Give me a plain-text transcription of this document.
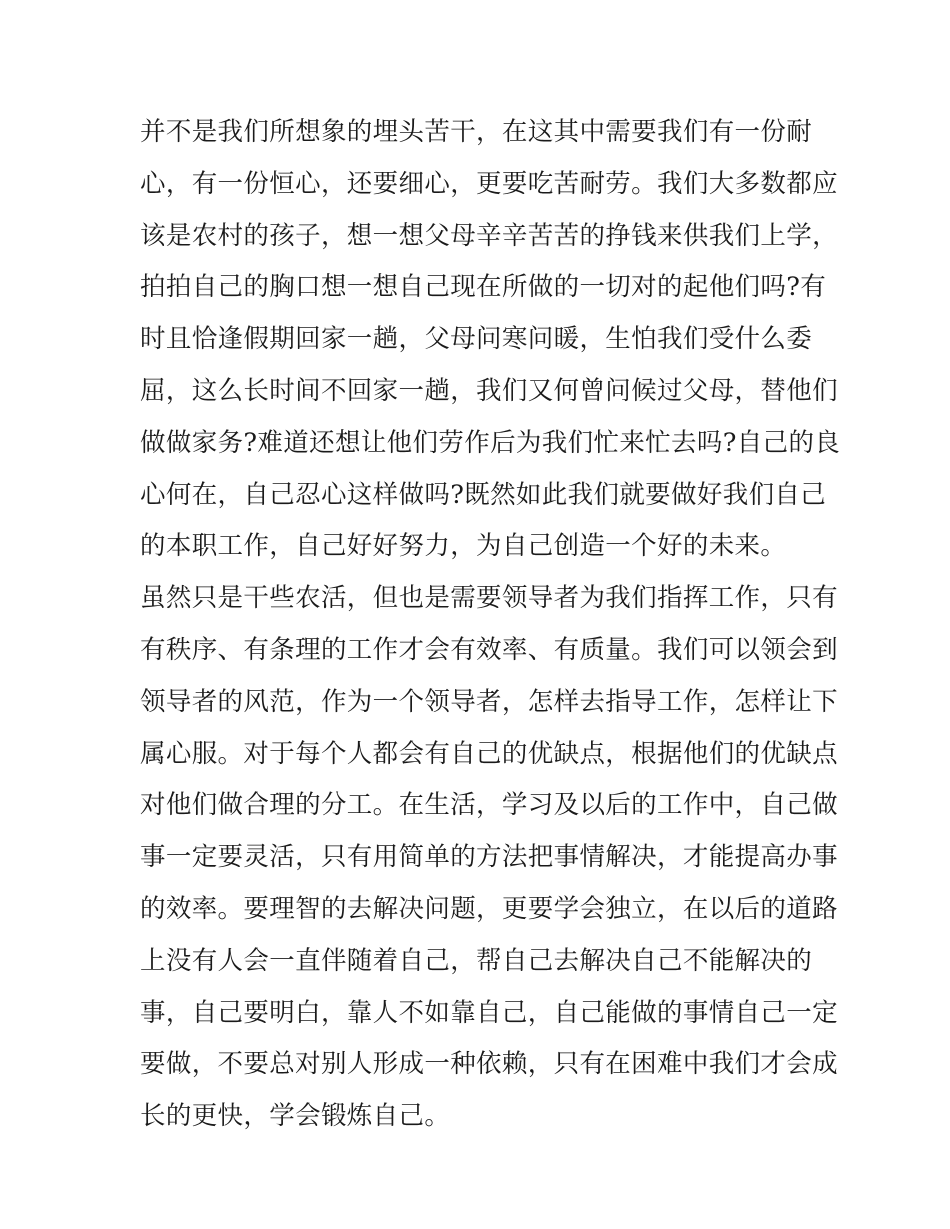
并不是我们所想象的埋头苦干，在这其中需要我们有一份耐
心，有一份恒心，还要细心，更要吃苦耐劳。我们大多数都应
该是农村的孩子，想一想父母辛辛苦苦的挣钱来供我们上学，
拍拍自己的胸口想一想自己现在所做的一切对的起他们吗?有
时且恰逢假期回家一趟，父母问寒问暖，生怕我们受什么委
屈，这么长时间不回家一趟，我们又何曾问候过父母，替他们
做做家务?难道还想让他们劳作后为我们忙来忙去吗?自己的良
心何在，自己忍心这样做吗?既然如此我们就要做好我们自己
的本职工作，自己好好努力，为自己创造一个好的未来。
虽然只是干些农活，但也是需要领导者为我们指挥工作，只有
有秩序、有条理的工作才会有效率、有质量。我们可以领会到
领导者的风范，作为一个领导者，怎样去指导工作，怎样让下
属心服。对于每个人都会有自己的优缺点，根据他们的优缺点
对他们做合理的分工。在生活，学习及以后的工作中，自己做
事一定要灵活，只有用简单的方法把事情解决，才能提高办事
的效率。要理智的去解决问题，更要学会独立，在以后的道路
上没有人会一直伴随着自己，帮自己去解决自己不能解决的
事，自己要明白，靠人不如靠自己，自己能做的事情自己一定
要做，不要总对别人形成一种依赖，只有在困难中我们才会成
长的更快，学会锻炼自己。
